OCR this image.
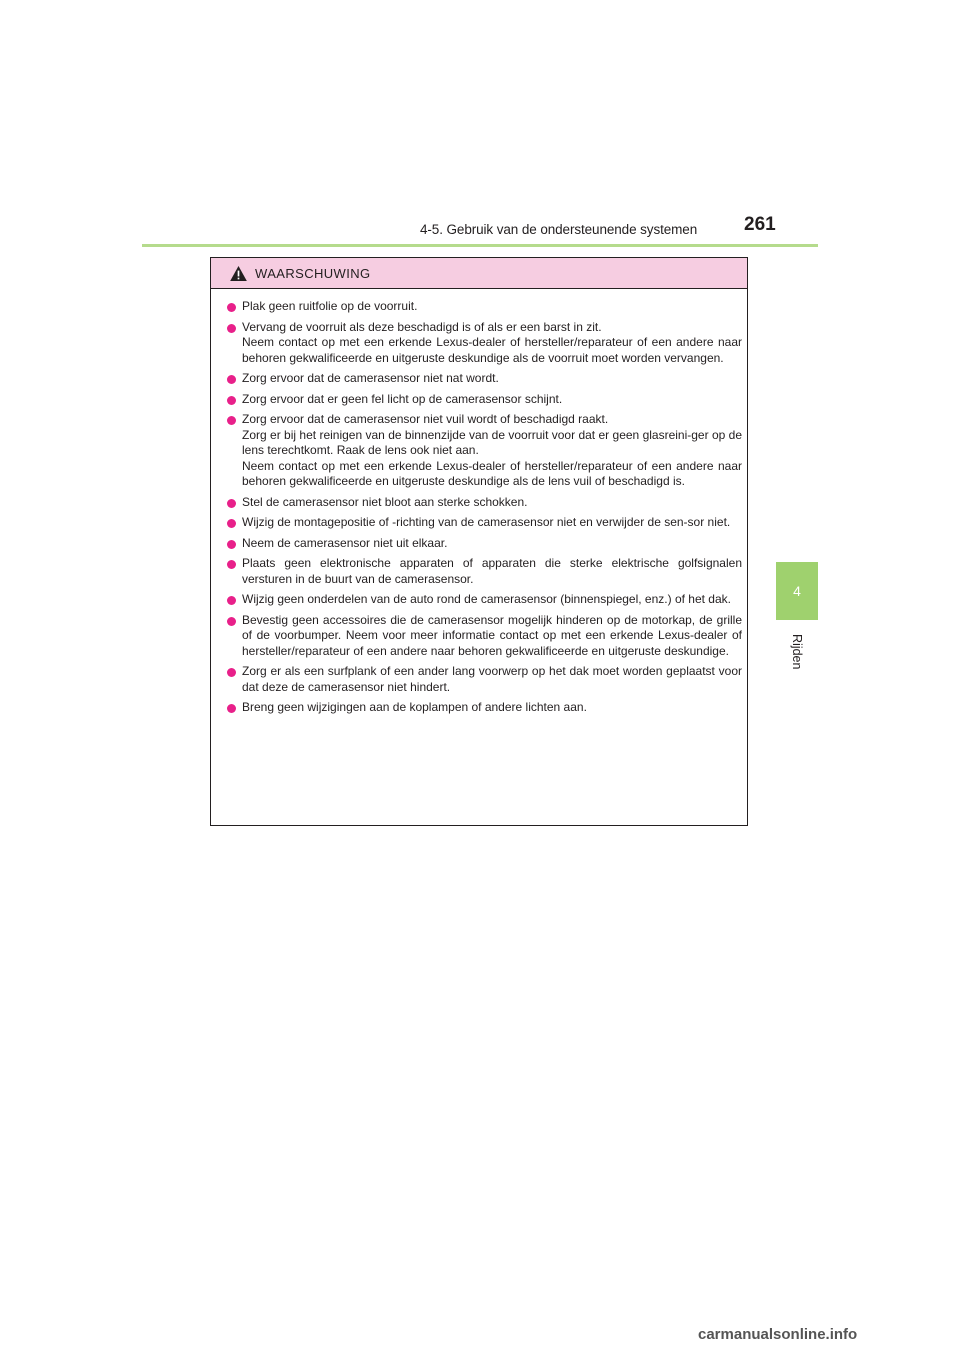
4-5. Gebruik van de ondersteunende systemen 261
4
Rijden
WAARSCHUWING

Plak geen ruitfolie op de voorruit.

Vervang de voorruit als deze beschadigd is of als er een barst in zit.

Neem contact op met een erkende Lexus-dealer of hersteller/reparateur of een andere naar behoren gekwalificeerde en uitgeruste deskundige als de voorruit moet worden vervangen.

Zorg ervoor dat de camerasensor niet nat wordt.

Zorg ervoor dat er geen fel licht op de camerasensor schijnt.

Zorg ervoor dat de camerasensor niet vuil wordt of beschadigd raakt.

Zorg er bij het reinigen van de binnenzijde van de voorruit voor dat er geen glasreini-ger op de lens terechtkomt. Raak de lens ook niet aan.

Neem contact op met een erkende Lexus-dealer of hersteller/reparateur of een andere naar behoren gekwalificeerde en uitgeruste deskundige als de lens vuil of beschadigd is.

Stel de camerasensor niet bloot aan sterke schokken.

Wijzig de montagepositie of -richting van de camerasensor niet en verwijder de sen-sor niet.

Neem de camerasensor niet uit elkaar.

Plaats geen elektronische apparaten of apparaten die sterke elektrische golfsignalen versturen in de buurt van de camerasensor.

Wijzig geen onderdelen van de auto rond de camerasensor (binnenspiegel, enz.) of het dak.

Bevestig geen accessoires die de camerasensor mogelijk hinderen op de motorkap, de grille of de voorbumper. Neem voor meer informatie contact op met een erkende Lexus-dealer of hersteller/reparateur of een andere naar behoren gekwalificeerde en uitgeruste deskundige.

Zorg er als een surfplank of een ander lang voorwerp op het dak moet worden geplaatst voor dat deze de camerasensor niet hindert.

Breng geen wijzigingen aan de koplampen of andere lichten aan.

carmanualsonline.info
